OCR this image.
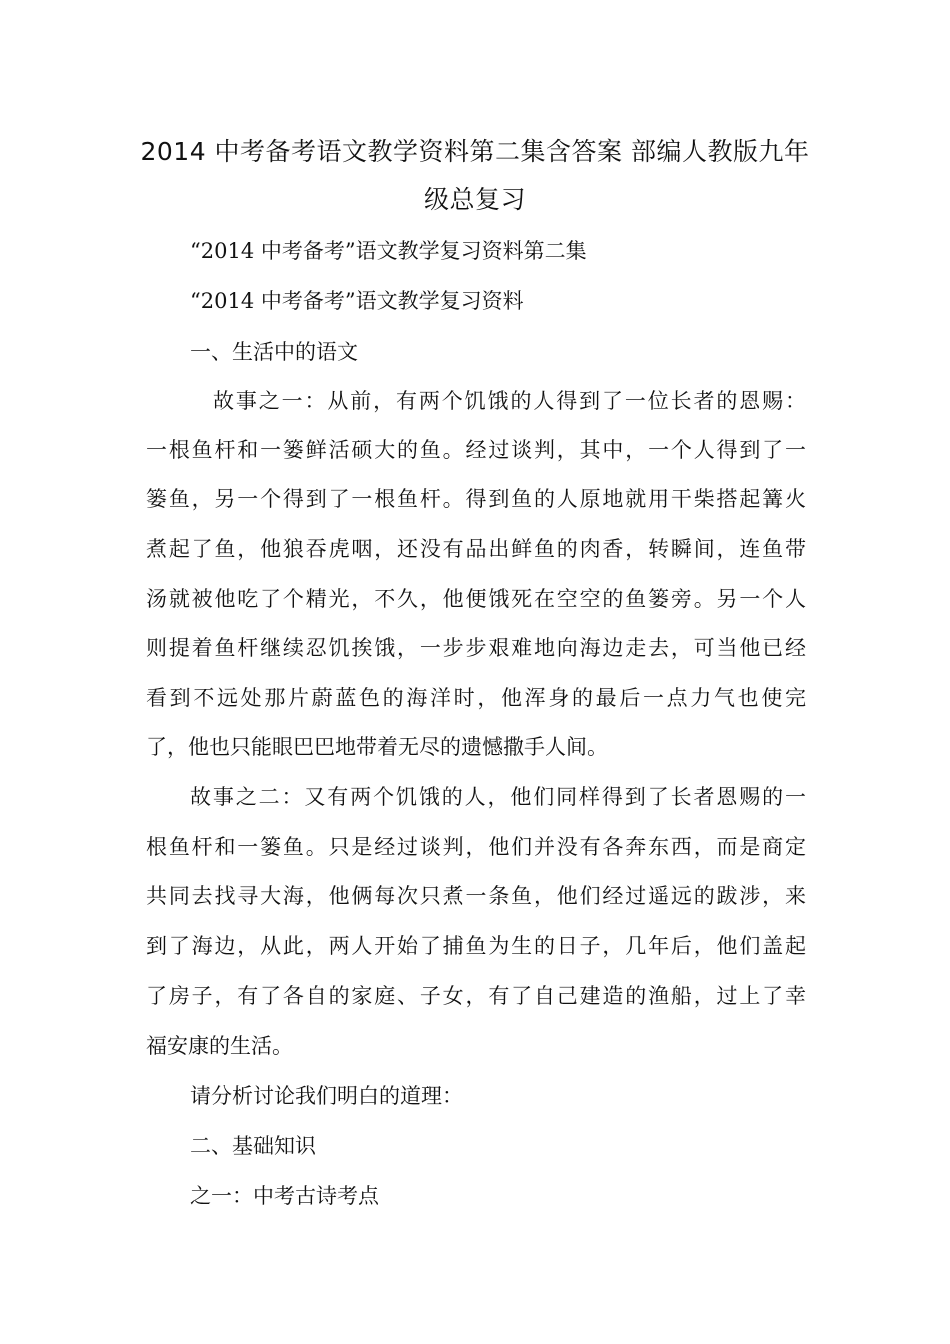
2014 中考备考语文教学资料第二集含答案 部编人教版九年级总复习
“2014 中考备考”语文教学复习资料第二集
“2014 中考备考”语文教学复习资料
一、生活中的语文
故事之一：从前，有两个饥饿的人得到了一位长者的恩赐：
一根鱼杆和一篓鲜活硕大的鱼。经过谈判，其中，一个人得到了一
篓鱼，另一个得到了一根鱼杆。得到鱼的人原地就用干柴搭起篝火
煮起了鱼，他狼吞虎咽，还没有品出鲜鱼的肉香，转瞬间，连鱼带
汤就被他吃了个精光，不久，他便饿死在空空的鱼篓旁。另一个人
则提着鱼杆继续忍饥挨饿，一步步艰难地向海边走去，可当他已经
看到不远处那片蔚蓝色的海洋时，他浑身的最后一点力气也使完
了，他也只能眼巴巴地带着无尽的遗憾撒手人间。
故事之二：又有两个饥饿的人，他们同样得到了长者恩赐的一
根鱼杆和一篓鱼。只是经过谈判，他们并没有各奔东西，而是商定
共同去找寻大海，他俩每次只煮一条鱼，他们经过遥远的跋涉，来
到了海边，从此，两人开始了捕鱼为生的日子，几年后，他们盖起
了房子，有了各自的家庭、子女，有了自己建造的渔船，过上了幸
福安康的生活。
请分析讨论我们明白的道理：
二、基础知识
之一：中考古诗考点
